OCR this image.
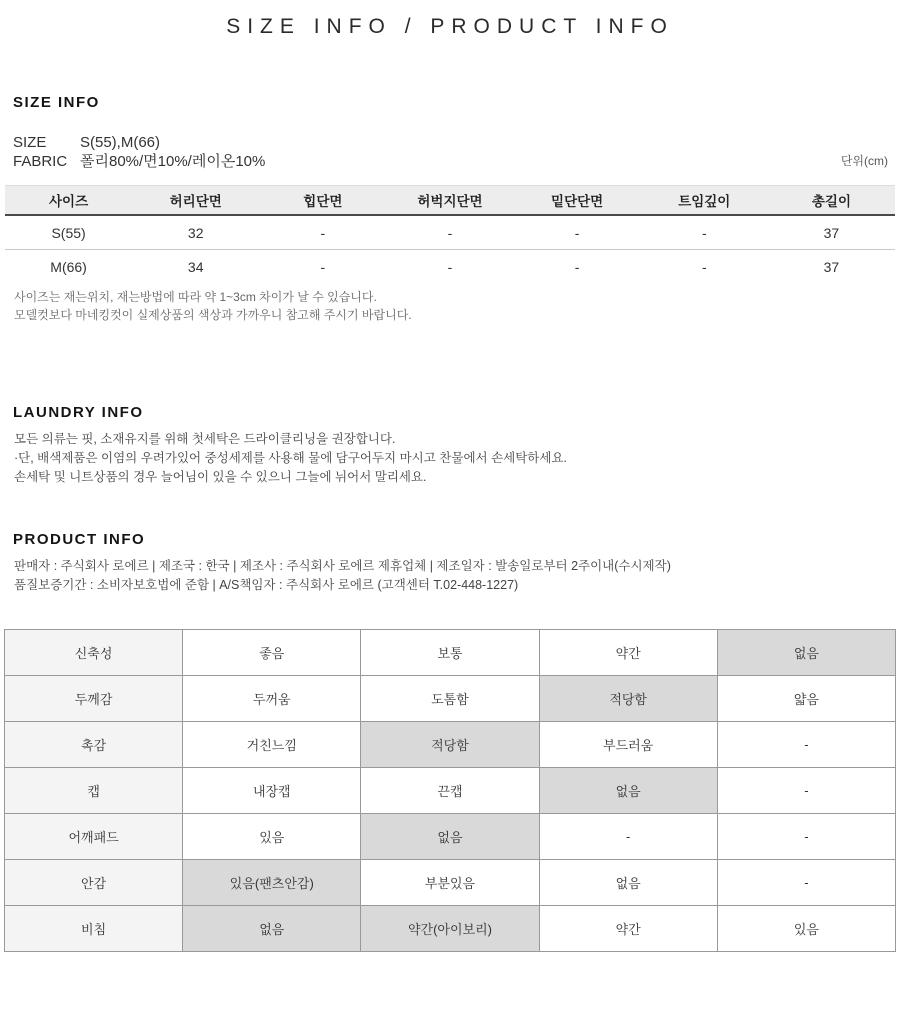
SIZE INFO / PRODUCT INFO
SIZE INFO
SIZE	S(55),M(66)
FABRIC 폴리80%/면10%/레이온10%	단위(cm)
사이즈	허리단면	힙단면	허벅지단면	밑단단면	트임깊이	총길이
S(55)	32	-	-	-	-	37
M(66)	34	-	-	-	-	37
사이즈는 재는위치, 재는방법에 따라 약 1~3cm 차이가 날 수 있습니다.
모델컷보다 마네킹컷이 실제상품의 색상과 가까우니 참고해 주시기 바랍니다.
LAUNDRY INFO
모든 의류는 핏, 소재유지를 위해 첫세탁은 드라이클리닝을 권장합니다.
·단, 배색제품은 이염의 우려가있어 중성세제를 사용해 물에 담구어두지 마시고 찬물에서 손세탁하세요.
손세탁 및 니트상품의 경우 늘어님이 있을 수 있으니 그늘에 뉘어서 말리세요.
PRODUCT INFO
판매자 : 주식회사 로에르 | 제조국 : 한국 | 제조사 : 주식회사 로에르 제휴업체 | 제조일자 : 발송일로부터 2주이내(수시제작)
품질보증기간 : 소비자보호법에 준함 | A/S책임자 : 주식회사 로에르 (고객센터 T.02-448-1227)
신축성	좋음	보통	약간	없음
두께감	두꺼움	도톰함	적당함	얇음
촉감	거친느낌	적당함	부드러움	-
캡	내장캡	끈캡	없음	-
어깨패드	있음	없음	-	-
안감	있음(팬츠안감)	부분있음	없음	-
비침	없음	약간(아이보리)	약간	있음
